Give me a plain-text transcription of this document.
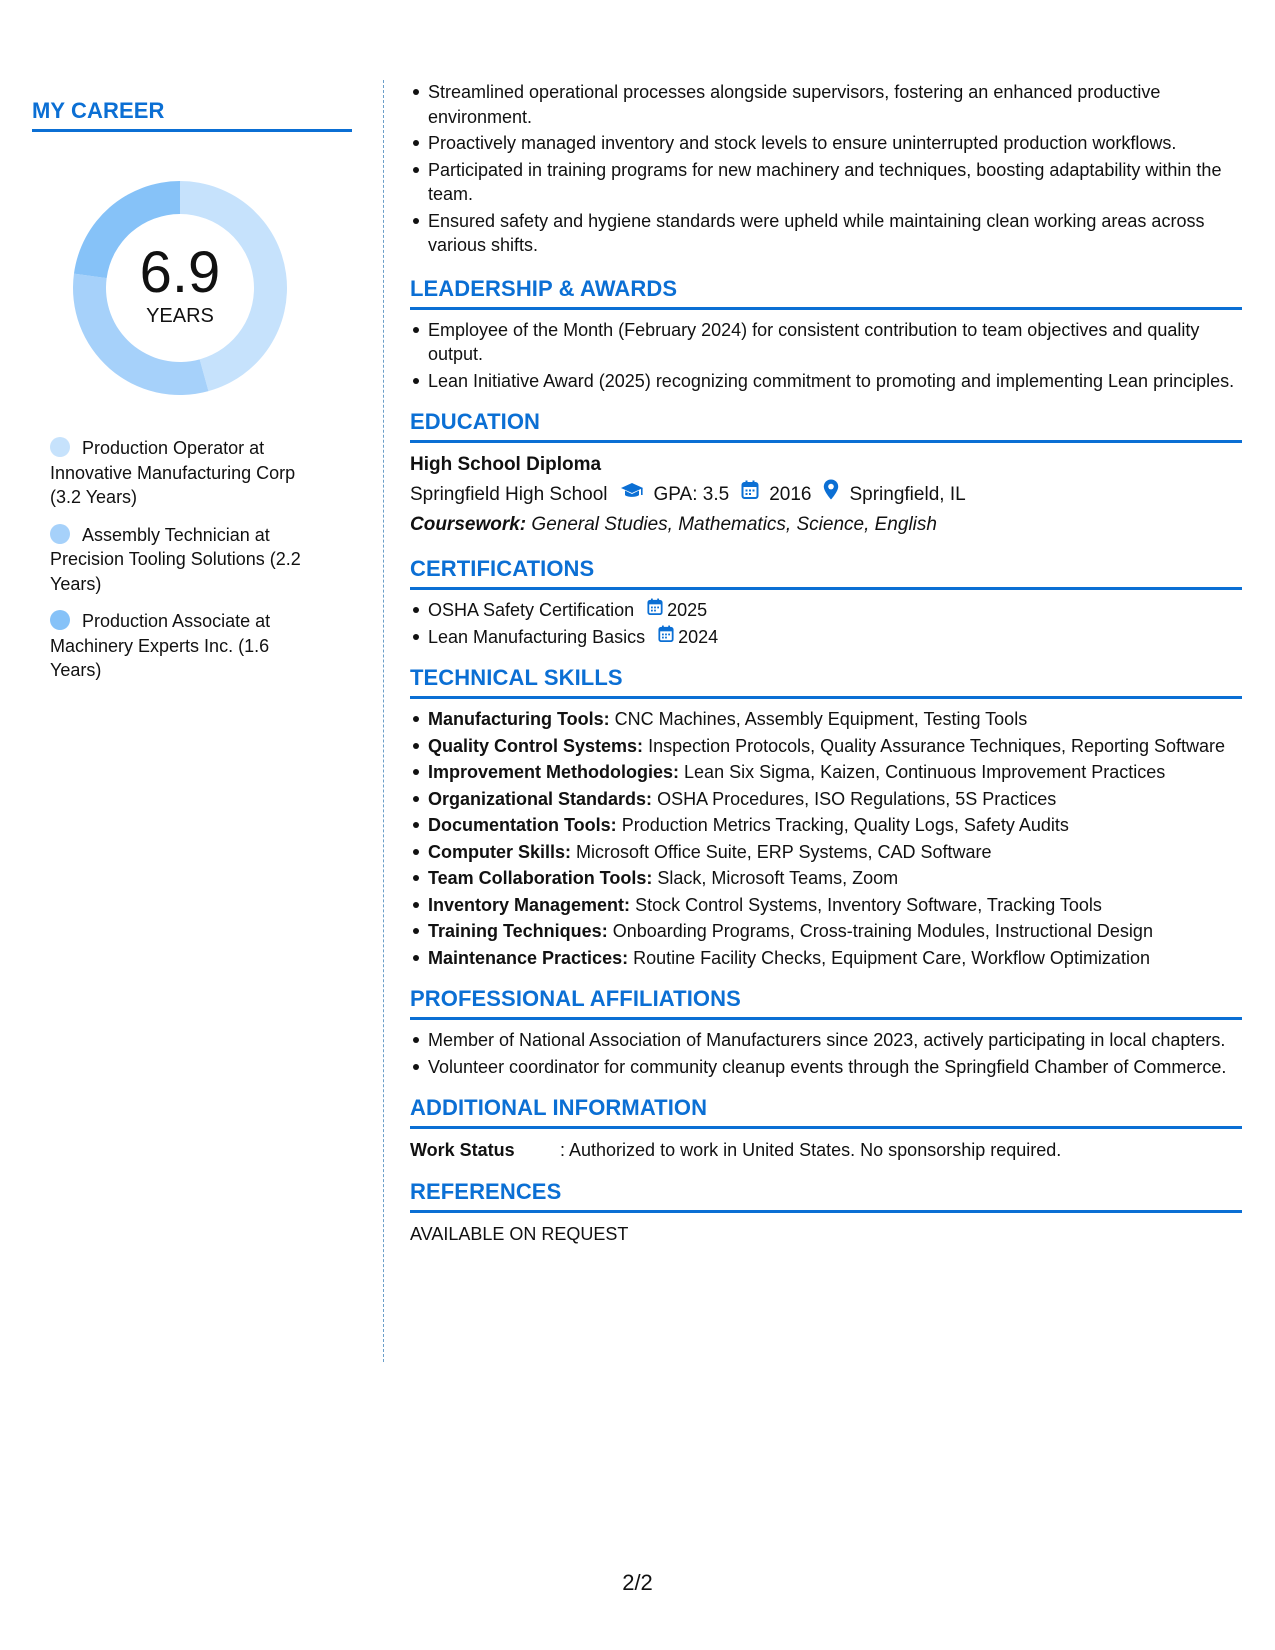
MY CAREER
6.9
YEARS
Production Operator at Innovative Manufacturing Corp (3.2 Years)
Assembly Technician at Precision Tooling Solutions (2.2 Years)
Production Associate at Machinery Experts Inc. (1.6 Years)
Streamlined operational processes alongside supervisors, fostering an enhanced productive environment.
Proactively managed inventory and stock levels to ensure uninterrupted production workflows.
Participated in training programs for new machinery and techniques, boosting adaptability within the team.
Ensured safety and hygiene standards were upheld while maintaining clean working areas across various shifts.
LEADERSHIP & AWARDS
Employee of the Month (February 2024) for consistent contribution to team objectives and quality output.
Lean Initiative Award (2025) recognizing commitment to promoting and implementing Lean principles.
EDUCATION
High School Diploma
Springfield High School GPA: 3.5 2016 Springfield, IL
Coursework: General Studies, Mathematics, Science, English
CERTIFICATIONS
OSHA Safety Certification 2025
Lean Manufacturing Basics 2024
TECHNICAL SKILLS
Manufacturing Tools: CNC Machines, Assembly Equipment, Testing Tools
Quality Control Systems: Inspection Protocols, Quality Assurance Techniques, Reporting Software
Improvement Methodologies: Lean Six Sigma, Kaizen, Continuous Improvement Practices
Organizational Standards: OSHA Procedures, ISO Regulations, 5S Practices
Documentation Tools: Production Metrics Tracking, Quality Logs, Safety Audits
Computer Skills: Microsoft Office Suite, ERP Systems, CAD Software
Team Collaboration Tools: Slack, Microsoft Teams, Zoom
Inventory Management: Stock Control Systems, Inventory Software, Tracking Tools
Training Techniques: Onboarding Programs, Cross-training Modules, Instructional Design
Maintenance Practices: Routine Facility Checks, Equipment Care, Workflow Optimization
PROFESSIONAL AFFILIATIONS
Member of National Association of Manufacturers since 2023, actively participating in local chapters.
Volunteer coordinator for community cleanup events through the Springfield Chamber of Commerce.
ADDITIONAL INFORMATION
Work Status	: Authorized to work in United States. No sponsorship required.
REFERENCES
AVAILABLE ON REQUEST
2/2
